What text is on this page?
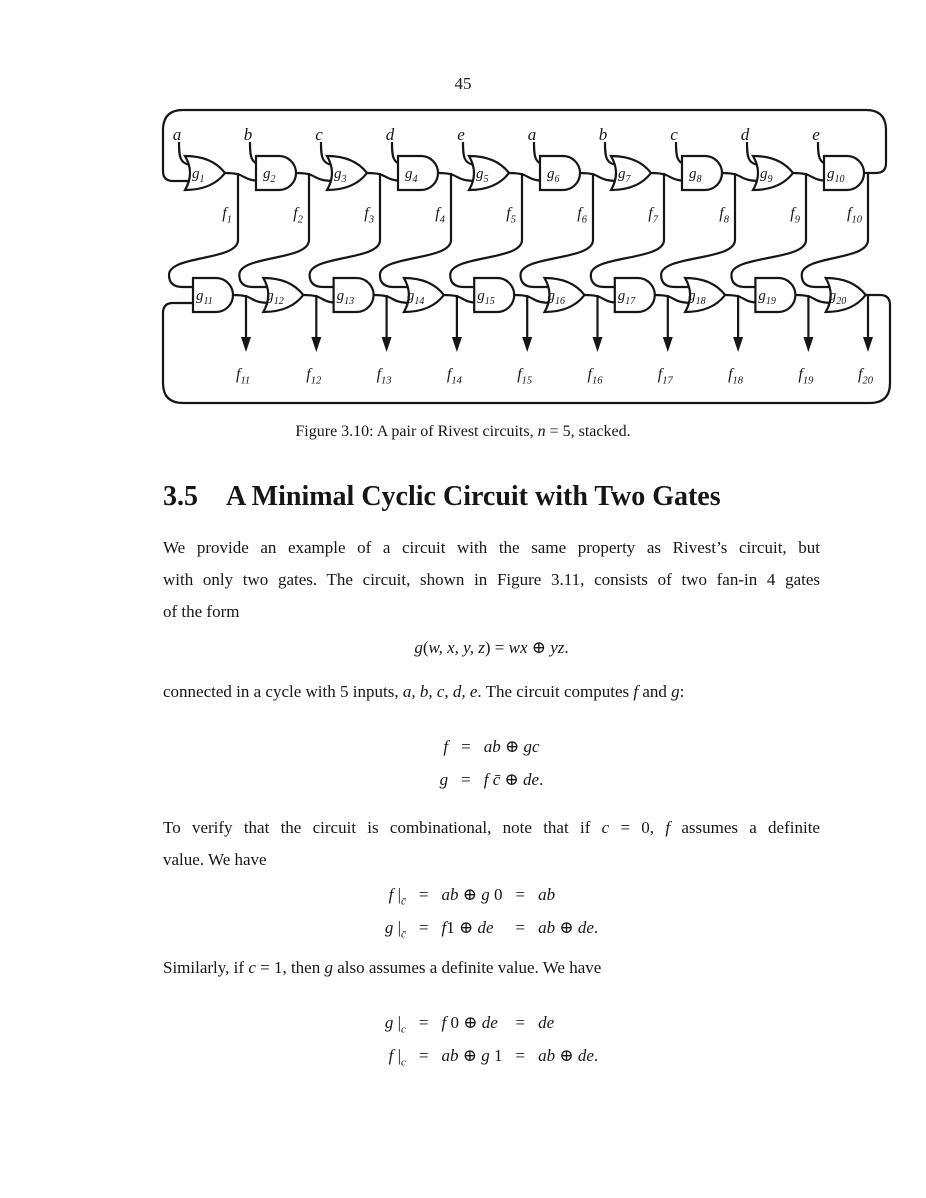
45
$g_1$
$g_{11}$
a
$f_1$
$f_{11}$
$g_2$
$g_{12}$
b
$f_2$
$f_{12}$
$g_3$
$g_{13}$
c
$f_3$
$f_{13}$
$g_4$
$g_{14}$
d
$f_4$
$f_{14}$
$g_5$
$g_{15}$
e
$f_5$
$f_{15}$
$g_6$
$g_{16}$
a
$f_6$
$f_{16}$
$g_7$
$g_{17}$
b
$f_7$
$f_{17}$
$g_8$
$g_{18}$
c
$f_8$
$f_{18}$
$g_9$
$g_{19}$
d
$f_9$
$f_{19}$
$g_{10}$
$g_{20}$
e
$f_{10}$
$f_{20}$
Figure 3.10: A pair of Rivest circuits, n = 5, stacked.
3.5 A Minimal Cyclic Circuit with Two Gates
We provide an example of a circuit with the same property as Rivest’s circuit, but
with only two gates. The circuit, shown in Figure 3.11, consists of two fan-in 4 gates
of the form
g(w, x, y, z) = wx ⊕ yz.
connected in a cycle with 5 inputs, a, b, c, d, e. The circuit computes f and g:
f	=	ab ⊕ gc
g	=	f c̄ ⊕ de.
To verify that the circuit is combinational, note that if c = 0, f assumes a definite
value. We have
f $|_{c̄}$	=	ab ⊕ g 0	=	ab
g $|_{c̄}$	=	f1 ⊕ de	=	ab ⊕ de.
Similarly, if c = 1, then g also assumes a definite value. We have
g $|_c$	=	f 0 ⊕ de	=	de
f $|_c$	=	ab ⊕ g 1	=	ab ⊕ de.
